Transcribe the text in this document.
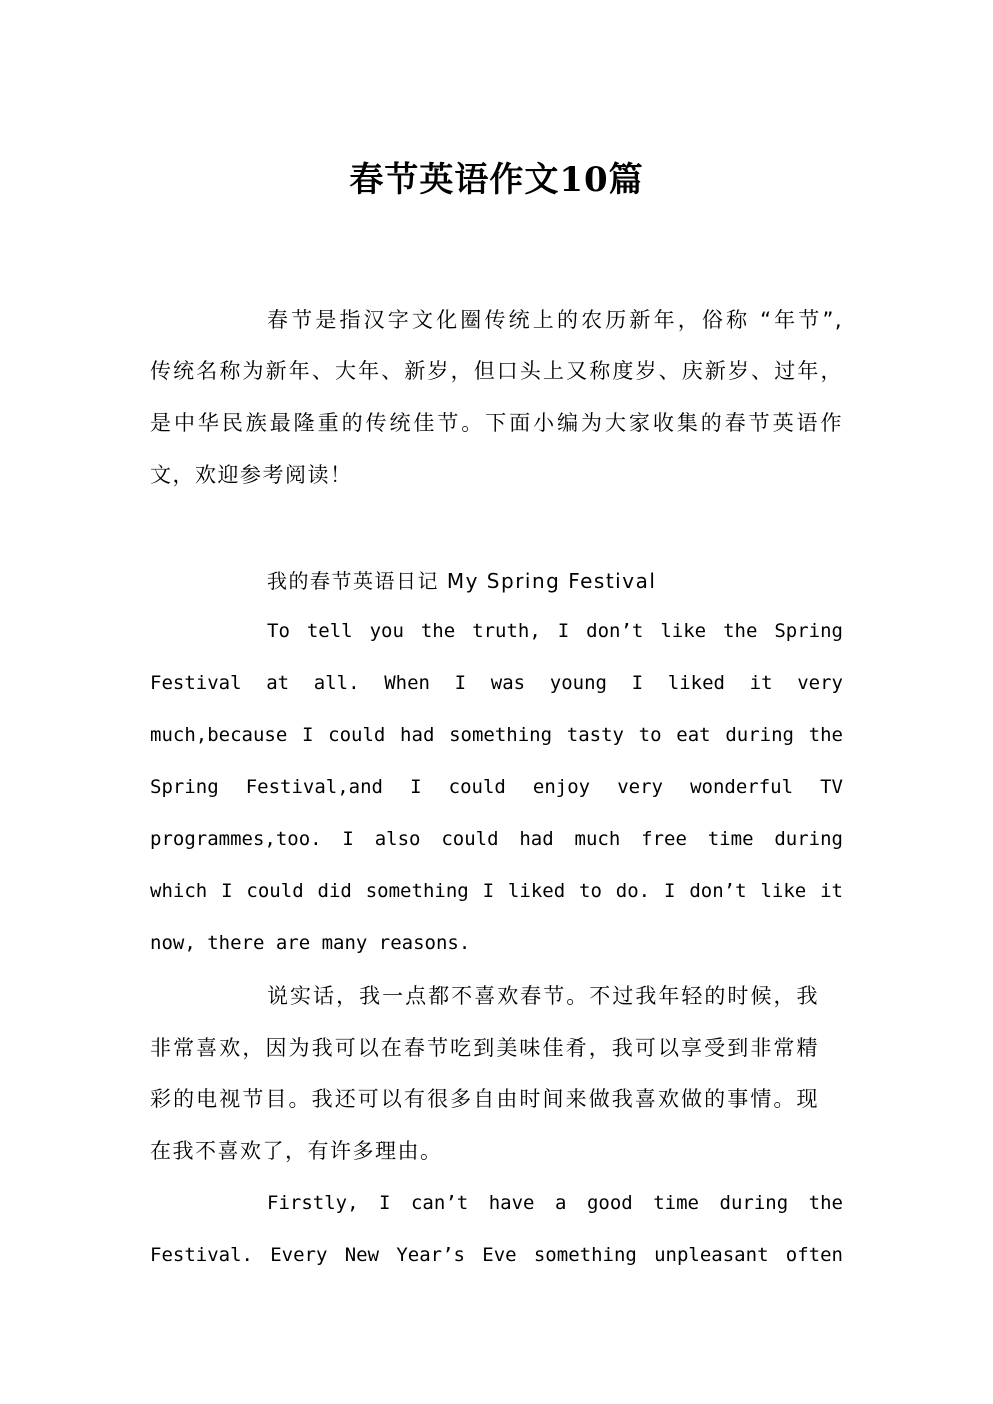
春节英语作文10篇
春节是指汉字文化圈传统上的农历新年，俗称 “年节”,
传统名称为新年、大年、新岁，但口头上又称度岁、庆新岁、过年，
是中华民族最隆重的传统佳节。下面小编为大家收集的春节英语作
文，欢迎参考阅读！
我的春节英语日记 My Spring Festival
To tell you the truth, I don’t like the Spring
Festival at all. When I was young I liked it very
much,because I could had something tasty to eat during the
Spring Festival,and I could enjoy very wonderful TV
programmes,too. I also could had much free time during
which I could did something I liked to do. I don’t like it
now, there are many reasons.
说实话，我一点都不喜欢春节。不过我年轻的时候，我
非常喜欢，因为我可以在春节吃到美味佳肴，我可以享受到非常精
彩的电视节目。我还可以有很多自由时间来做我喜欢做的事情。现
在我不喜欢了，有许多理由。
Firstly, I can’t have a good time during the
Festival. Every New Year’s Eve something unpleasant often
